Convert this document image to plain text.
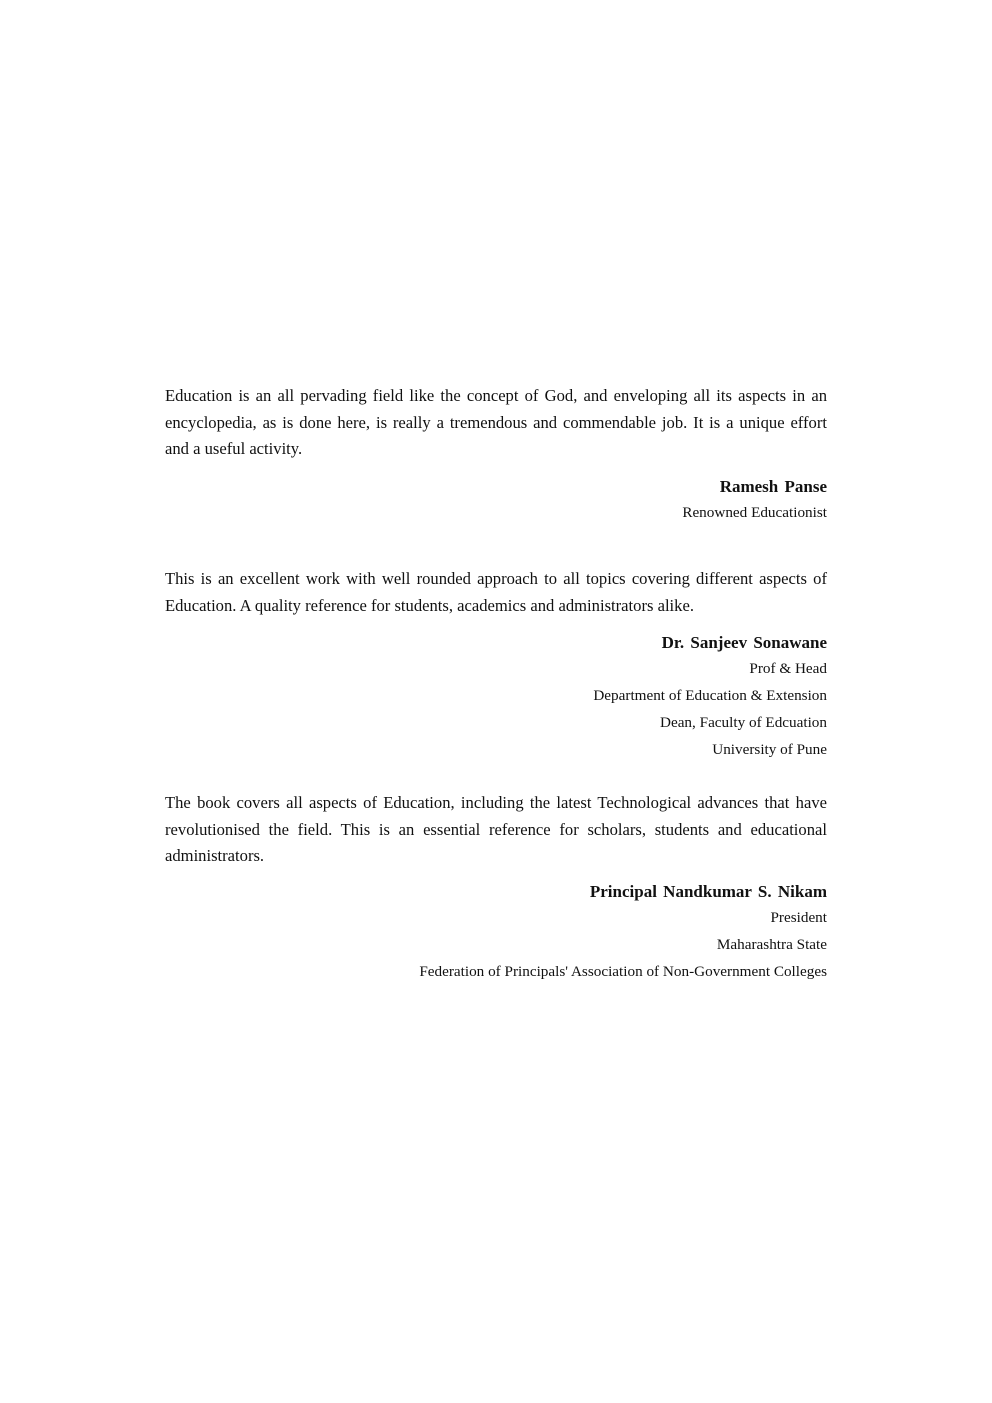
Education is an all pervading field like the concept of God, and enveloping all its aspects in an encyclopedia, as is done here, is really a tremendous and commendable job. It is a unique effort and a useful activity.

Ramesh Panse
Renowned Educationist

This is an excellent work with well rounded approach to all topics covering different aspects of Education. A quality reference for students, academics and administrators alike.

Dr. Sanjeev Sonawane
Prof & Head
Department of Education & Extension
Dean, Faculty of Edcuation
University of Pune

The book covers all aspects of Education, including the latest Technological advances that have revolutionised the field. This is an essential reference for scholars, students and educational administrators.

Principal Nandkumar S. Nikam
President
Maharashtra State
Federation of Principals' Association of Non-Government Colleges
